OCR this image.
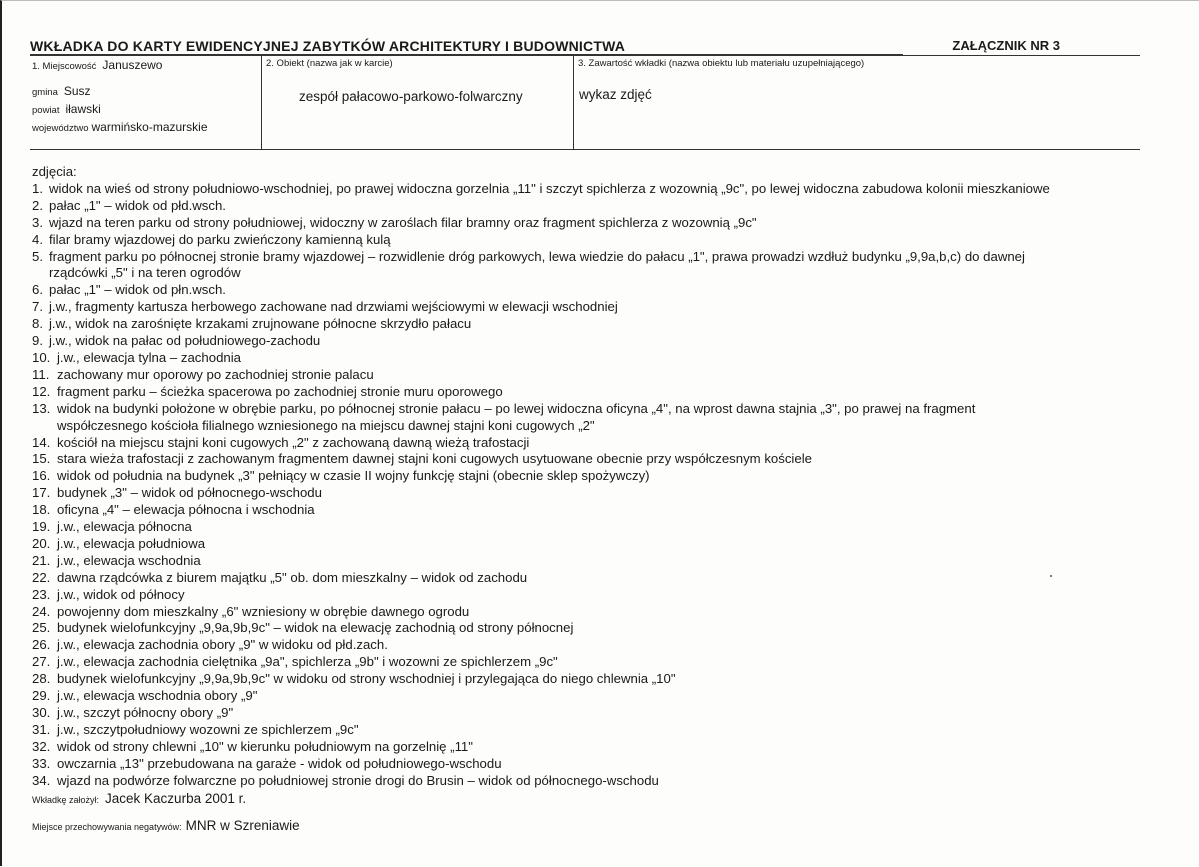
WKŁADKA DO KARTY EWIDENCYJNEJ ZABYTKÓW ARCHITEKTURY I BUDOWNICTWA	ZAŁĄCZNIK NR 3
1. Miejscowość Januszewo
gmina Susz
powiat iławski
województwo warmińsko-mazurskie
2. Obiekt (nazwa jak w karcie)
zespół pałacowo-parkowo-folwarczny
3. Zawartość wkładki (nazwa obiektu lub materiału uzupełniającego)
wykaz zdjęć
zdjęcia:
1. widok na wieś od strony południowo-wschodniej, po prawej widoczna gorzelnia „11" i szczyt spichlerza z wozownią „9c", po lewej widoczna zabudowa kolonii mieszkaniowe
2. pałac „1" – widok od płd.wsch.
3. wjazd na teren parku od strony południowej, widoczny w zaroślach filar bramny oraz fragment spichlerza z wozownią „9c"
4. filar bramy wjazdowej do parku zwieńczony kamienną kulą
5. fragment parku po północnej stronie bramy wjazdowej – rozwidlenie dróg parkowych, lewa wiedzie do pałacu „1", prawa prowadzi wzdłuż budynku „9,9a,b,c) do dawnej
rządcówki „5" i na teren ogrodów
6. pałac „1" – widok od płn.wsch.
7. j.w., fragmenty kartusza herbowego zachowane nad drzwiami wejściowymi w elewacji wschodniej
8. j.w., widok na zarośnięte krzakami zrujnowane północne skrzydło pałacu
9. j.w., widok na pałac od południowego-zachodu
10. j.w., elewacja tylna – zachodnia
11. zachowany mur oporowy po zachodniej stronie palacu
12. fragment parku – ścieżka spacerowa po zachodniej stronie muru oporowego
13. widok na budynki położone w obrębie parku, po północnej stronie pałacu – po lewej widoczna oficyna „4", na wprost dawna stajnia „3", po prawej na fragment
współczesnego kościoła filialnego wzniesionego na miejscu dawnej stajni koni cugowych „2"
14. kościół na miejscu stajni koni cugowych „2" z zachowaną dawną wieżą trafostacji
15. stara wieża trafostacji z zachowanym fragmentem dawnej stajni koni cugowych usytuowane obecnie przy współczesnym kościele
16. widok od południa na budynek „3" pełniący w czasie II wojny funkcję stajni (obecnie sklep spożywczy)
17. budynek „3" – widok od północnego-wschodu
18. oficyna „4" – elewacja północna i wschodnia
19. j.w., elewacja północna
20. j.w., elewacja południowa
21. j.w., elewacja wschodnia
22. dawna rządcówka z biurem majątku „5" ob. dom mieszkalny – widok od zachodu
23. j.w., widok od północy
24. powojenny dom mieszkalny „6" wzniesiony w obrębie dawnego ogrodu
25. budynek wielofunkcyjny „9,9a,9b,9c" – widok na elewację zachodnią od strony północnej
26. j.w., elewacja zachodnia obory „9" w widoku od płd.zach.
27. j.w., elewacja zachodnia cielętnika „9a", spichlerza „9b" i wozowni ze spichlerzem „9c"
28. budynek wielofunkcyjny „9,9a,9b,9c" w widoku od strony wschodniej i przylegająca do niego chlewnia „10"
29. j.w., elewacja wschodnia obory „9"
30. j.w., szczyt północny obory „9"
31. j.w., szczytpołudniowy wozowni ze spichlerzem „9c"
32. widok od strony chlewni „10" w kierunku południowym na gorzelnię „11"
33. owczarnia „13" przebudowana na garaże - widok od południowego-wschodu
34. wjazd na podwórze folwarczne po południowej stronie drogi do Brusin – widok od północnego-wschodu
Wkładkę założył: Jacek Kaczurba 2001 r.
Miejsce przechowywania negatywów: MNR w Szreniawie
